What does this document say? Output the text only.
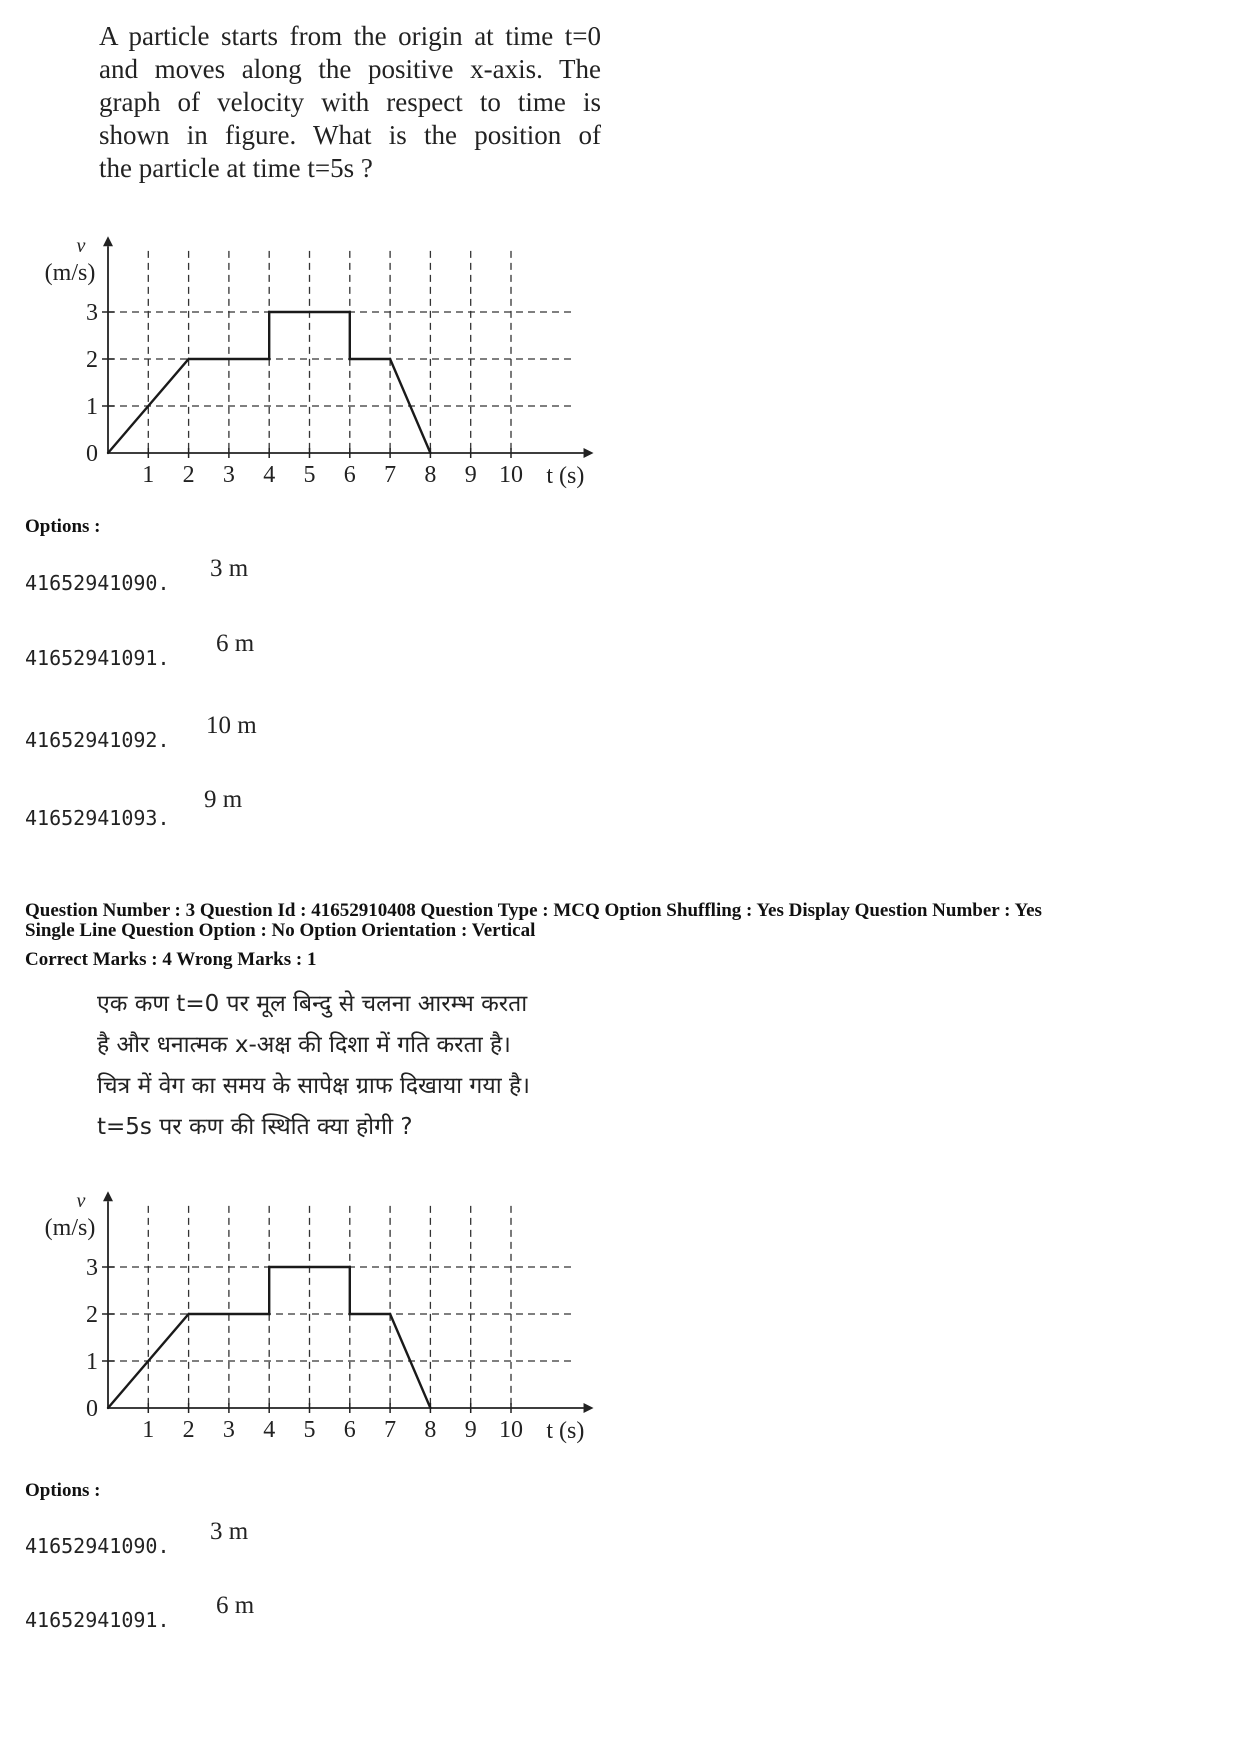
A particle starts from the origin at time t=0
and moves along the positive x-axis. The
graph of velocity with respect to time is
shown in figure. What is the position of
the particle at time t=5s ?
1 2 3 4 5 6 7 8 9 10
0
1
2
3
t (s)
v
(m/s)
Options :
41652941090.
3 m
41652941091.
6 m
41652941092.
10 m
41652941093.
9 m
Question Number : 3 Question Id : 41652910408 Question Type : MCQ Option Shuffling : Yes Display Question Number : Yes
Single Line Question Option : No Option Orientation : Vertical
Correct Marks : 4 Wrong Marks : 1
एक कण t=0 पर मूल बिन्दु से चलना आरम्भ करता
है और धनात्मक x-अक्ष की दिशा में गति करता है।
चित्र में वेग का समय के सापेक्ष ग्राफ दिखाया गया है।
t=5s पर कण की स्थिति क्या होगी ?
1 2 3 4 5 6 7 8 9 10
0
1
2
3
t (s)
v
(m/s)
Options :
41652941090.
3 m
41652941091.
6 m
